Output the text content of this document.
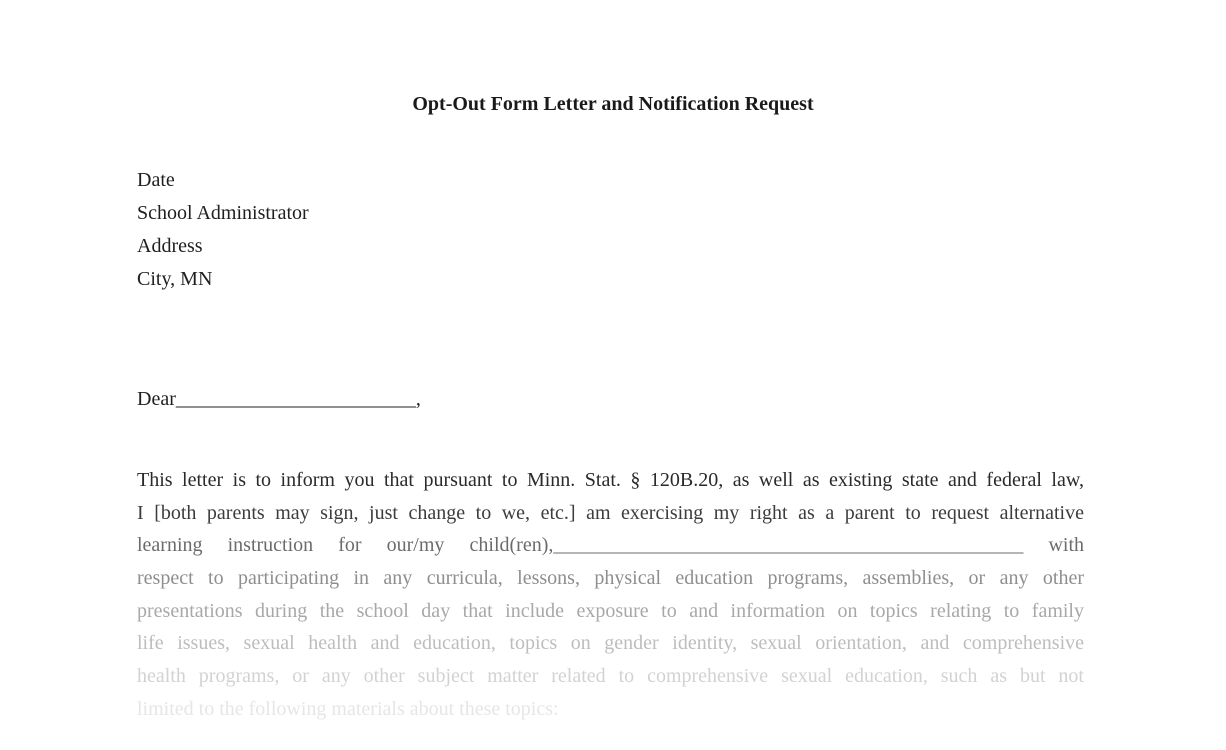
Opt-Out Form Letter and Notification Request
Date
School Administrator
Address
City, MN
Dear________________________,
This letter is to inform you that pursuant to Minn. Stat. § 120B.20, as well as existing state and federal law,
I [both parents may sign, just change to we, etc.] am exercising my right as a parent to request alternative
learning instruction for our/my child(ren),_______________________________________________ with
respect to participating in any curricula, lessons, physical education programs, assemblies, or any other
presentations during the school day that include exposure to and information on topics relating to family
life issues, sexual health and education, topics on gender identity, sexual orientation, and comprehensive
health programs, or any other subject matter related to comprehensive sexual education, such as but not
limited to the following materials about these topics:
